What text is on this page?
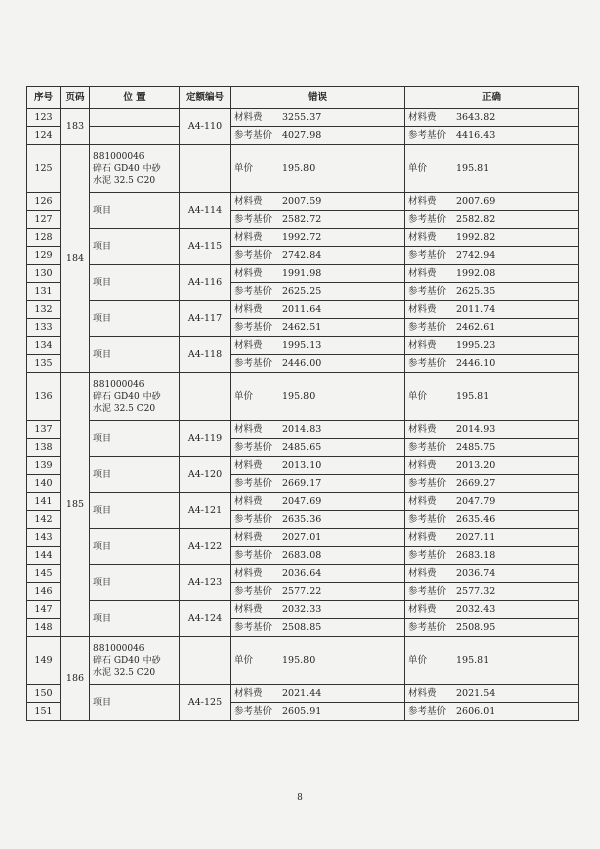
序号	页码	位 置	定额编号	错误	正确
123	183		A4-110	材料费 3255.37	材料费 3643.82
124				参考基价 4027.98	参考基价 4416.43
125	184	881000046
碎石 GD40 中砂
水泥 32.5 C20		单价 195.80	单价 195.81
126		项目	A4-114	材料费 2007.59	材料费 2007.69
127				参考基价 2582.72	参考基价 2582.82
128		项目	A4-115	材料费 1992.72	材料费 1992.82
129				参考基价 2742.84	参考基价 2742.94
130		项目	A4-116	材料费 1991.98	材料费 1992.08
131				参考基价 2625.25	参考基价 2625.35
132		项目	A4-117	材料费 2011.64	材料费 2011.74
133				参考基价 2462.51	参考基价 2462.61
134		项目	A4-118	材料费 1995.13	材料费 1995.23
135				参考基价 2446.00	参考基价 2446.10
136	185	881000046
碎石 GD40 中砂
水泥 32.5 C20		单价 195.80	单价 195.81
137		项目	A4-119	材料费 2014.83	材料费 2014.93
138				参考基价 2485.65	参考基价 2485.75
139		项目	A4-120	材料费 2013.10	材料费 2013.20
140				参考基价 2669.17	参考基价 2669.27
141		项目	A4-121	材料费 2047.69	材料费 2047.79
142				参考基价 2635.36	参考基价 2635.46
143		项目	A4-122	材料费 2027.01	材料费 2027.11
144				参考基价 2683.08	参考基价 2683.18
145		项目	A4-123	材料费 2036.64	材料费 2036.74
146				参考基价 2577.22	参考基价 2577.32
147		项目	A4-124	材料费 2032.33	材料费 2032.43
148				参考基价 2508.85	参考基价 2508.95
149	186	881000046
碎石 GD40 中砂
水泥 32.5 C20		单价 195.80	单价 195.81
150		项目	A4-125	材料费 2021.44	材料费 2021.54
151				参考基价 2605.91	参考基价 2606.01
8
